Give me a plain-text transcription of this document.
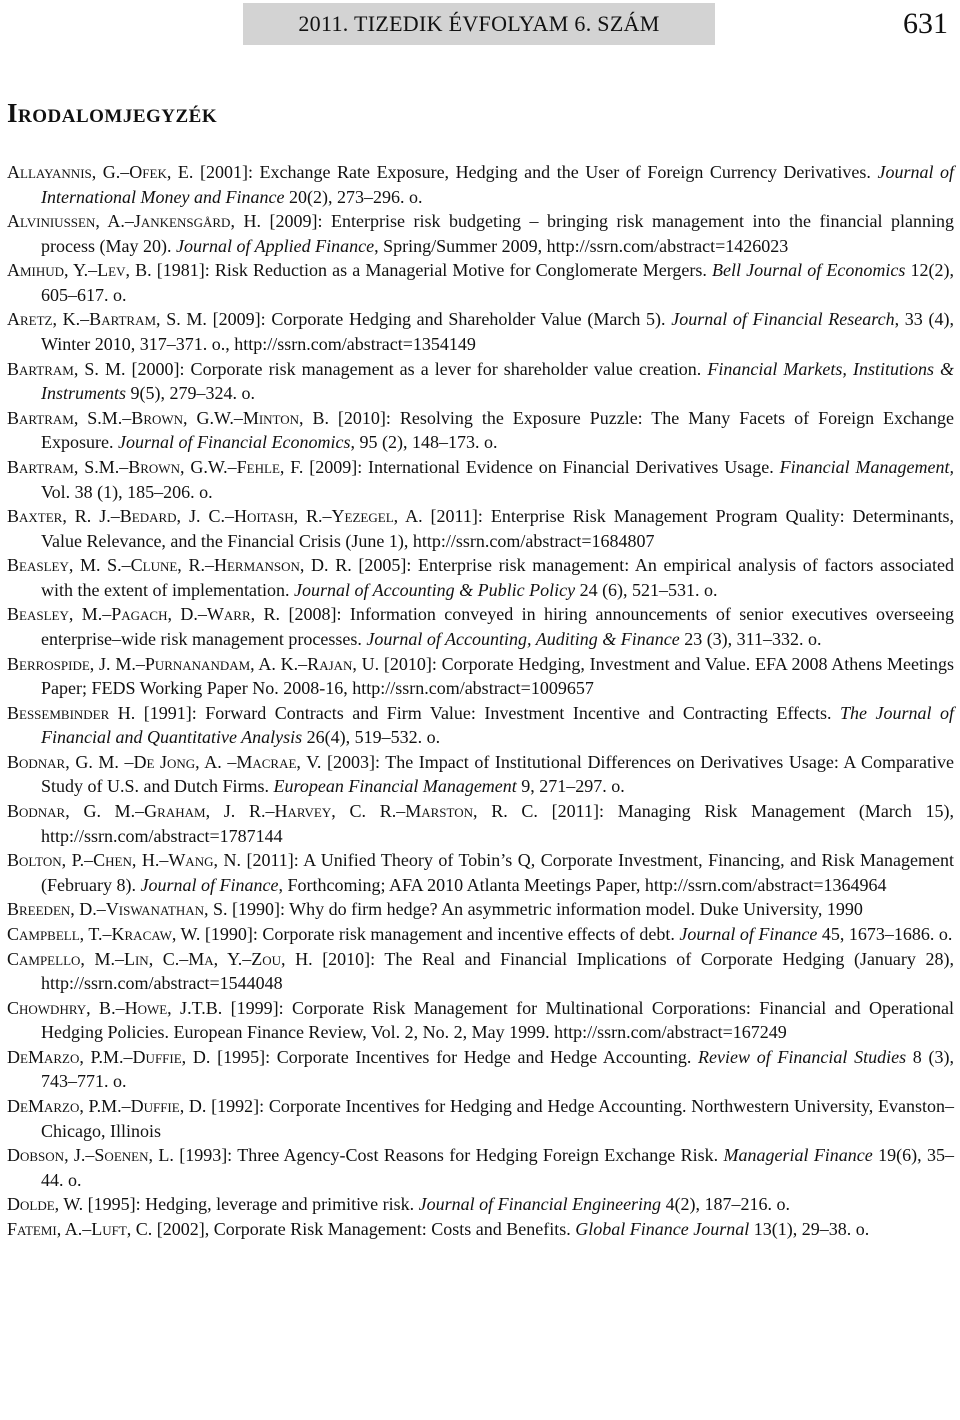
2011. TIZEDIK ÉVFOLYAM 6. SZÁM	631
Irodalomjegyzék

Allayannis, G.–Ofek, E. [2001]: Exchange Rate Exposure, Hedging and the User of Foreign Currency Derivatives. Journal of International Money and Finance 20(2), 273–296. o.

Alviniussen, A.–Jankensgård, H. [2009]: Enterprise risk budgeting – bringing risk management into the financial planning process (May 20). Journal of Applied Finance, Spring/Summer 2009, http://ssrn.com/abstract=1426023

Amihud, Y.–Lev, B. [1981]: Risk Reduction as a Managerial Motive for Conglomerate Mergers. Bell Journal of Economics 12(2), 605–617. o.

Aretz, K.–Bartram, S. M. [2009]: Corporate Hedging and Shareholder Value (March 5). Journal of Financial Research, 33 (4), Winter 2010, 317–371. o., http://ssrn.com/abstract=1354149

Bartram, S. M. [2000]: Corporate risk management as a lever for shareholder value creation. Financial Markets, Institutions & Instruments 9(5), 279–324. o.

Bartram, S.M.–Brown, G.W.–Minton, B. [2010]: Resolving the Exposure Puzzle: The Many Facets of Foreign Exchange Exposure. Journal of Financial Economics, 95 (2), 148–173. o.

Bartram, S.M.–Brown, G.W.–Fehle, F. [2009]: International Evidence on Financial Derivatives Usage. Financial Management, Vol. 38 (1), 185–206. o.

Baxter, R. J.–Bedard, J. C.–Hoitash, R.–Yezegel, A. [2011]: Enterprise Risk Management Program Quality: Determinants, Value Relevance, and the Financial Crisis (June 1), http://ssrn.com/abstract=1684807

Beasley, M. S.–Clune, R.–Hermanson, D. R. [2005]: Enterprise risk management: An empirical analysis of factors associated with the extent of implementation. Journal of Accounting & Public Policy 24 (6), 521–531. o.

Beasley, M.–Pagach, D.–Warr, R. [2008]: Information conveyed in hiring announcements of senior executives overseeing enterprise–wide risk management processes. Journal of Accounting, Auditing & Finance 23 (3), 311–332. o.

Berrospide, J. M.–Purnanandam, A. K.–Rajan, U. [2010]: Corporate Hedging, Investment and Value. EFA 2008 Athens Meetings Paper; FEDS Working Paper No. 2008-16, http://ssrn.com/abstract=1009657

Bessembinder H. [1991]: Forward Contracts and Firm Value: Investment Incentive and Contracting Effects. The Journal of Financial and Quantitative Analysis 26(4), 519–532. o.

Bodnar, G. M. –De Jong, A. –Macrae, V. [2003]: The Impact of Institutional Differences on Derivatives Usage: A Comparative Study of U.S. and Dutch Firms. European Financial Management 9, 271–297. o.

Bodnar, G. M.–Graham, J. R.–Harvey, C. R.–Marston, R. C. [2011]: Managing Risk Management (March 15), http://ssrn.com/abstract=1787144

Bolton, P.–Chen, H.–Wang, N. [2011]: A Unified Theory of Tobin’s Q, Corporate Investment, Financing, and Risk Management (February 8). Journal of Finance, Forthcoming; AFA 2010 Atlanta Meetings Paper, http://ssrn.com/abstract=1364964

Breeden, D.–Viswanathan, S. [1990]: Why do firm hedge? An asymmetric information model. Duke University, 1990

Campbell, T.–Kracaw, W. [1990]: Corporate risk management and incentive effects of debt. Journal of Finance 45, 1673–1686. o.

Campello, M.–Lin, C.–Ma, Y.–Zou, H. [2010]: The Real and Financial Implications of Corporate Hedging (January 28), http://ssrn.com/abstract=1544048

Chowdhry, B.–Howe, J.T.B. [1999]: Corporate Risk Management for Multinational Corporations: Financial and Operational Hedging Policies. European Finance Review, Vol. 2, No. 2, May 1999. http://ssrn.com/abstract=167249

DeMarzo, P.M.–Duffie, D. [1995]: Corporate Incentives for Hedge and Hedge Accounting. Review of Financial Studies 8 (3), 743–771. o.

DeMarzo, P.M.–Duffie, D. [1992]: Corporate Incentives for Hedging and Hedge Accounting. Northwestern University, Evanston–Chicago, Illinois

Dobson, J.–Soenen, L. [1993]: Three Agency-Cost Reasons for Hedging Foreign Exchange Risk. Managerial Finance 19(6), 35–44. o.

Dolde, W. [1995]: Hedging, leverage and primitive risk. Journal of Financial Engineering 4(2), 187–216. o.

Fatemi, A.–Luft, C. [2002], Corporate Risk Management: Costs and Benefits. Global Finance Journal 13(1), 29–38. o.
